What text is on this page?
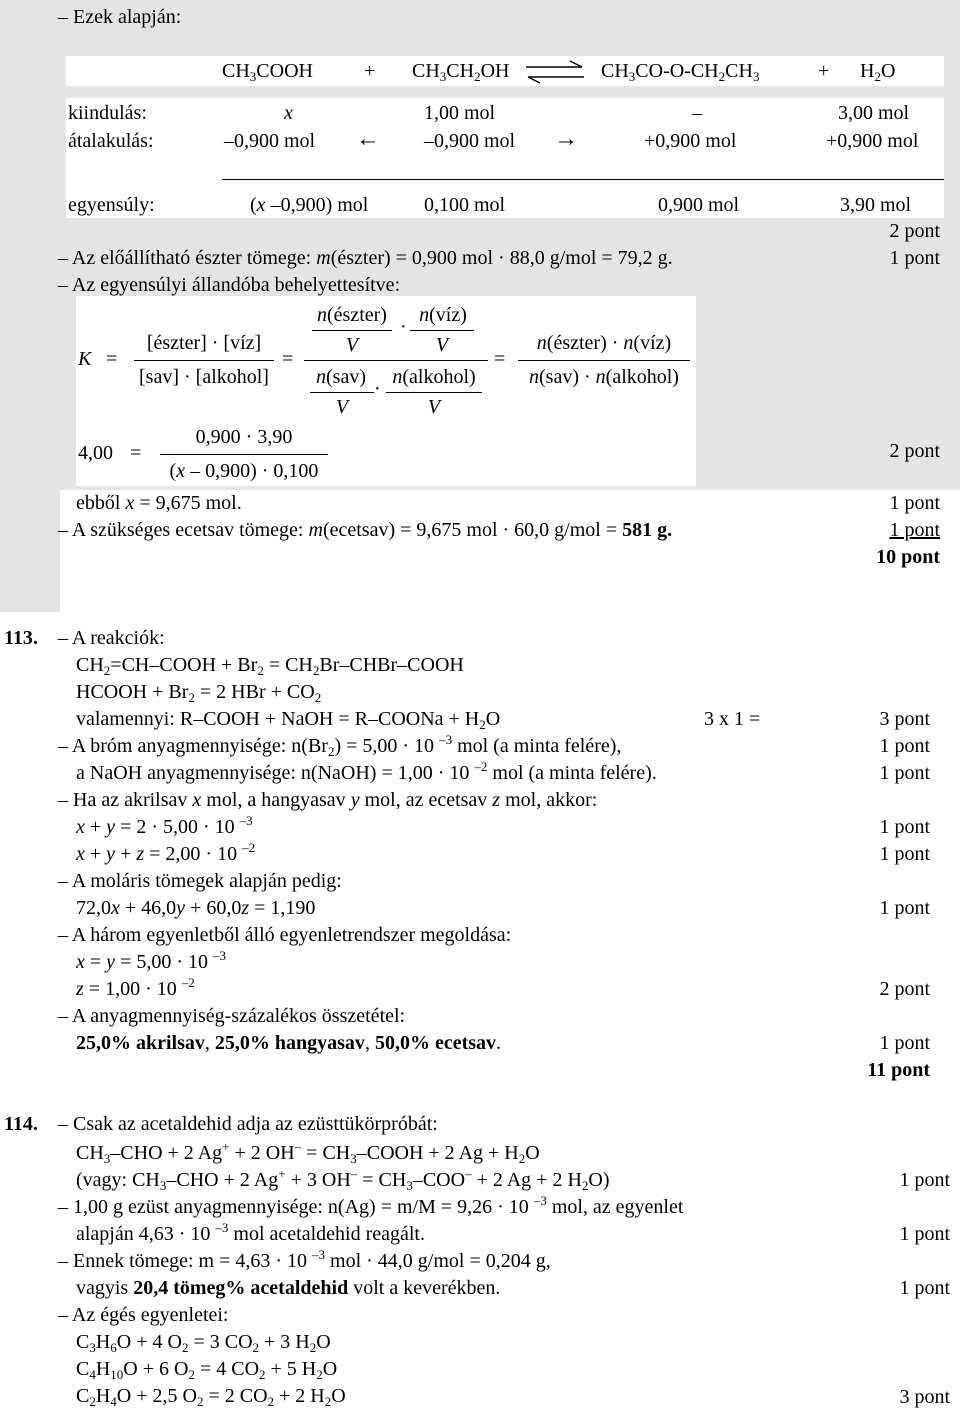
– Ezek alapján:
$CH_3COOH$	+ $CH_3CH_2OH$ ⇌ $CH_3CO-O-CH_2CH_3$	+ $H_2O$
kiindulás:	x	1,00 mol	–	3,00 mol
átalakulás:	–0,900 mol ← –0,900 mol →	+0,900 mol	+0,900 mol
egyensúly:	(x –0,900) mol	0,100 mol	0,900 mol	3,90 mol
2 pont
– Az előállítható észter tömege: m(észter) = 0,900 mol · 88,0 g/mol = 79,2 g.	1 pont
– Az egyensúlyi állandóba behelyettesítve:
K =
[észter] · [víz]
[sav] · [alkohol]
=
n(észter)
·
n(víz)
V	V
n(sav)
·
n(alkohol)
V	V
=
n(észter) · n(víz)
n(sav) · n(alkohol)
4,00 =
0,900 · 3,90
(x – 0,900) · 0,100
2 pont
ebből x = 9,675 mol.	1 pont
– A szükséges ecetsav tömege: m(ecetsav) = 9,675 mol · 60,0 g/mol = 581 g.	1 pont
10 pont
113. – A reakciók:
$CH_2=CH$–COOH + $Br_2$ = $CH_2Br-CHBr$–COOH
HCOOH + $Br_2 = 2$ HBr + $CO_2$
valamennyi: R–COOH + NaOH = R–COONa + $H_2O$	3 x 1 =	3 pont
– A bróm anyagmennyisége: $n(Br_2) = 5,00 \cdot 10$ $^{-3}$ mol (a minta felére),	1 pont
a NaOH anyagmennyisége: n(NaOH) = 1,00 · 10 $^{-2}$ mol (a minta felére).	1 pont
– Ha az akrilsav x mol, a hangyasav y mol, az ecetsav z mol, akkor:
x + y = 2 · 5,00 · 10 $^{-3}$	1 pont
x + y + z = 2,00 · 10 $^{-2}$	1 pont
– A moláris tömegek alapján pedig:
72,0x + 46,0y + 60,0z = 1,190	1 pont
– A három egyenletből álló egyenletrendszer megoldása:
x = y = 5,00 · 10 $^{-3}$
z = 1,00 · 10 $^{-2}$	2 pont
– A anyagmennyiség-százalékos összetétel:
25,0% akrilsav, 25,0% hangyasav, 50,0% ecetsav.	1 pont
11 pont
114. – Csak az acetaldehid adja az ezüsttükörpróbát:
$CH_3$–CHO + 2 Ag+ + 2 $OH^- = CH_3$–COOH + 2 $Ag + H_2O$
(vagy: $CH_3$–CHO + 2 Ag+ + 3 $OH^- = CH_3-COO^- + 2$ Ag + 2 $H_2O$)	1 pont
– 1,00 g ezüst anyagmennyisége: n(Ag) = m/M = 9,26 · 10 $^{-3}$ mol, az egyenlet
alapján 4,63 · 10 $^{-3}$ mol acetaldehid reagált.	1 pont
– Ennek tömege: m = 4,63 · 10 $^{-3}$ mol · 44,0 g/mol = 0,204 g,
vagyis 20,4 tömeg% acetaldehid volt a keverékben.	1 pont
– Az égés egyenletei:
$C_3H_6O + 4$ $O_2 = 3$ $CO_2 + 3$ $H_2O$
$C_4H_{10}O + 6$ $O_2 = 4$ $CO_2 + 5$ $H_2O$
$C_2H_4O + 2,5$ $O_2 = 2$ $CO_2 + 2$ $H_2O$	3 pont
